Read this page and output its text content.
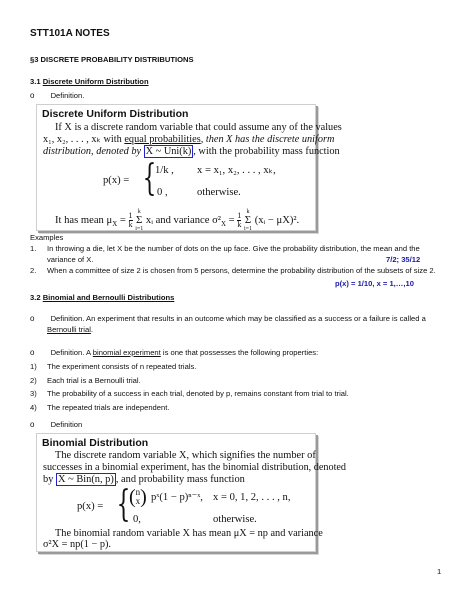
STT101A NOTES
§3 DISCRETE PROBABILITY DISTRIBUTIONS
3.1 Discrete Uniform Distribution
o Definition.
Discrete Uniform Distribution
If X is a discrete random variable that could assume any of the values
x₁, x₂, . . . , xₖ with equal probabilities, then X has the discrete uniform
distribution, denoted by X ~ Uni(k) , with the probability mass function
p(x) = {
1/k , x = x₁, x₂, . . . , xₖ,
0 ,	otherwise.
It has mean $\mu_X = \frac{1}{k}$
k
Σ
i=1
xᵢ and variance $\sigma^2_X = \frac{1}{k}$
k
Σ
i=1
(xᵢ − μX)².
Examples
1. In throwing a die, let X be the number of dots on the up face. Give the probability distribution, the mean and the
variance of X.	7/2; 35/12
2. When a committee of size 2 is chosen from 5 persons, determine the probability distribution of the subsets of size 2.
p(x) = 1/10, x = 1,…,10
3.2 Binomial and Bernoulli Distributions
o Definition. An experiment that results in an outcome which may be classified as a success or a failure is called a
Bernoulli trial.
o Definition. A binomial experiment is one that possesses the following properties:
1) The experiment consists of n repeated trials.
2) Each trial is a Bernoulli trial.
3) The probability of a success in each trial, denoted by p, remains constant from trial to trial.
4) The repeated trials are independent.
o Definition
Binomial Distribution
The discrete random variable X, which signifies the number of
successes in a binomial experiment, has the binomial distribution, denoted
by X ~ Bin(n, p) , and probability mass function
p(x) = {
( n
x ) pˣ(1 − p)ⁿ⁻ˣ, x = 0, 1, 2, . . . , n,
0,	otherwise.
The binomial random variable X has mean μX = np and variance
σ²X = np(1 − p).
1
